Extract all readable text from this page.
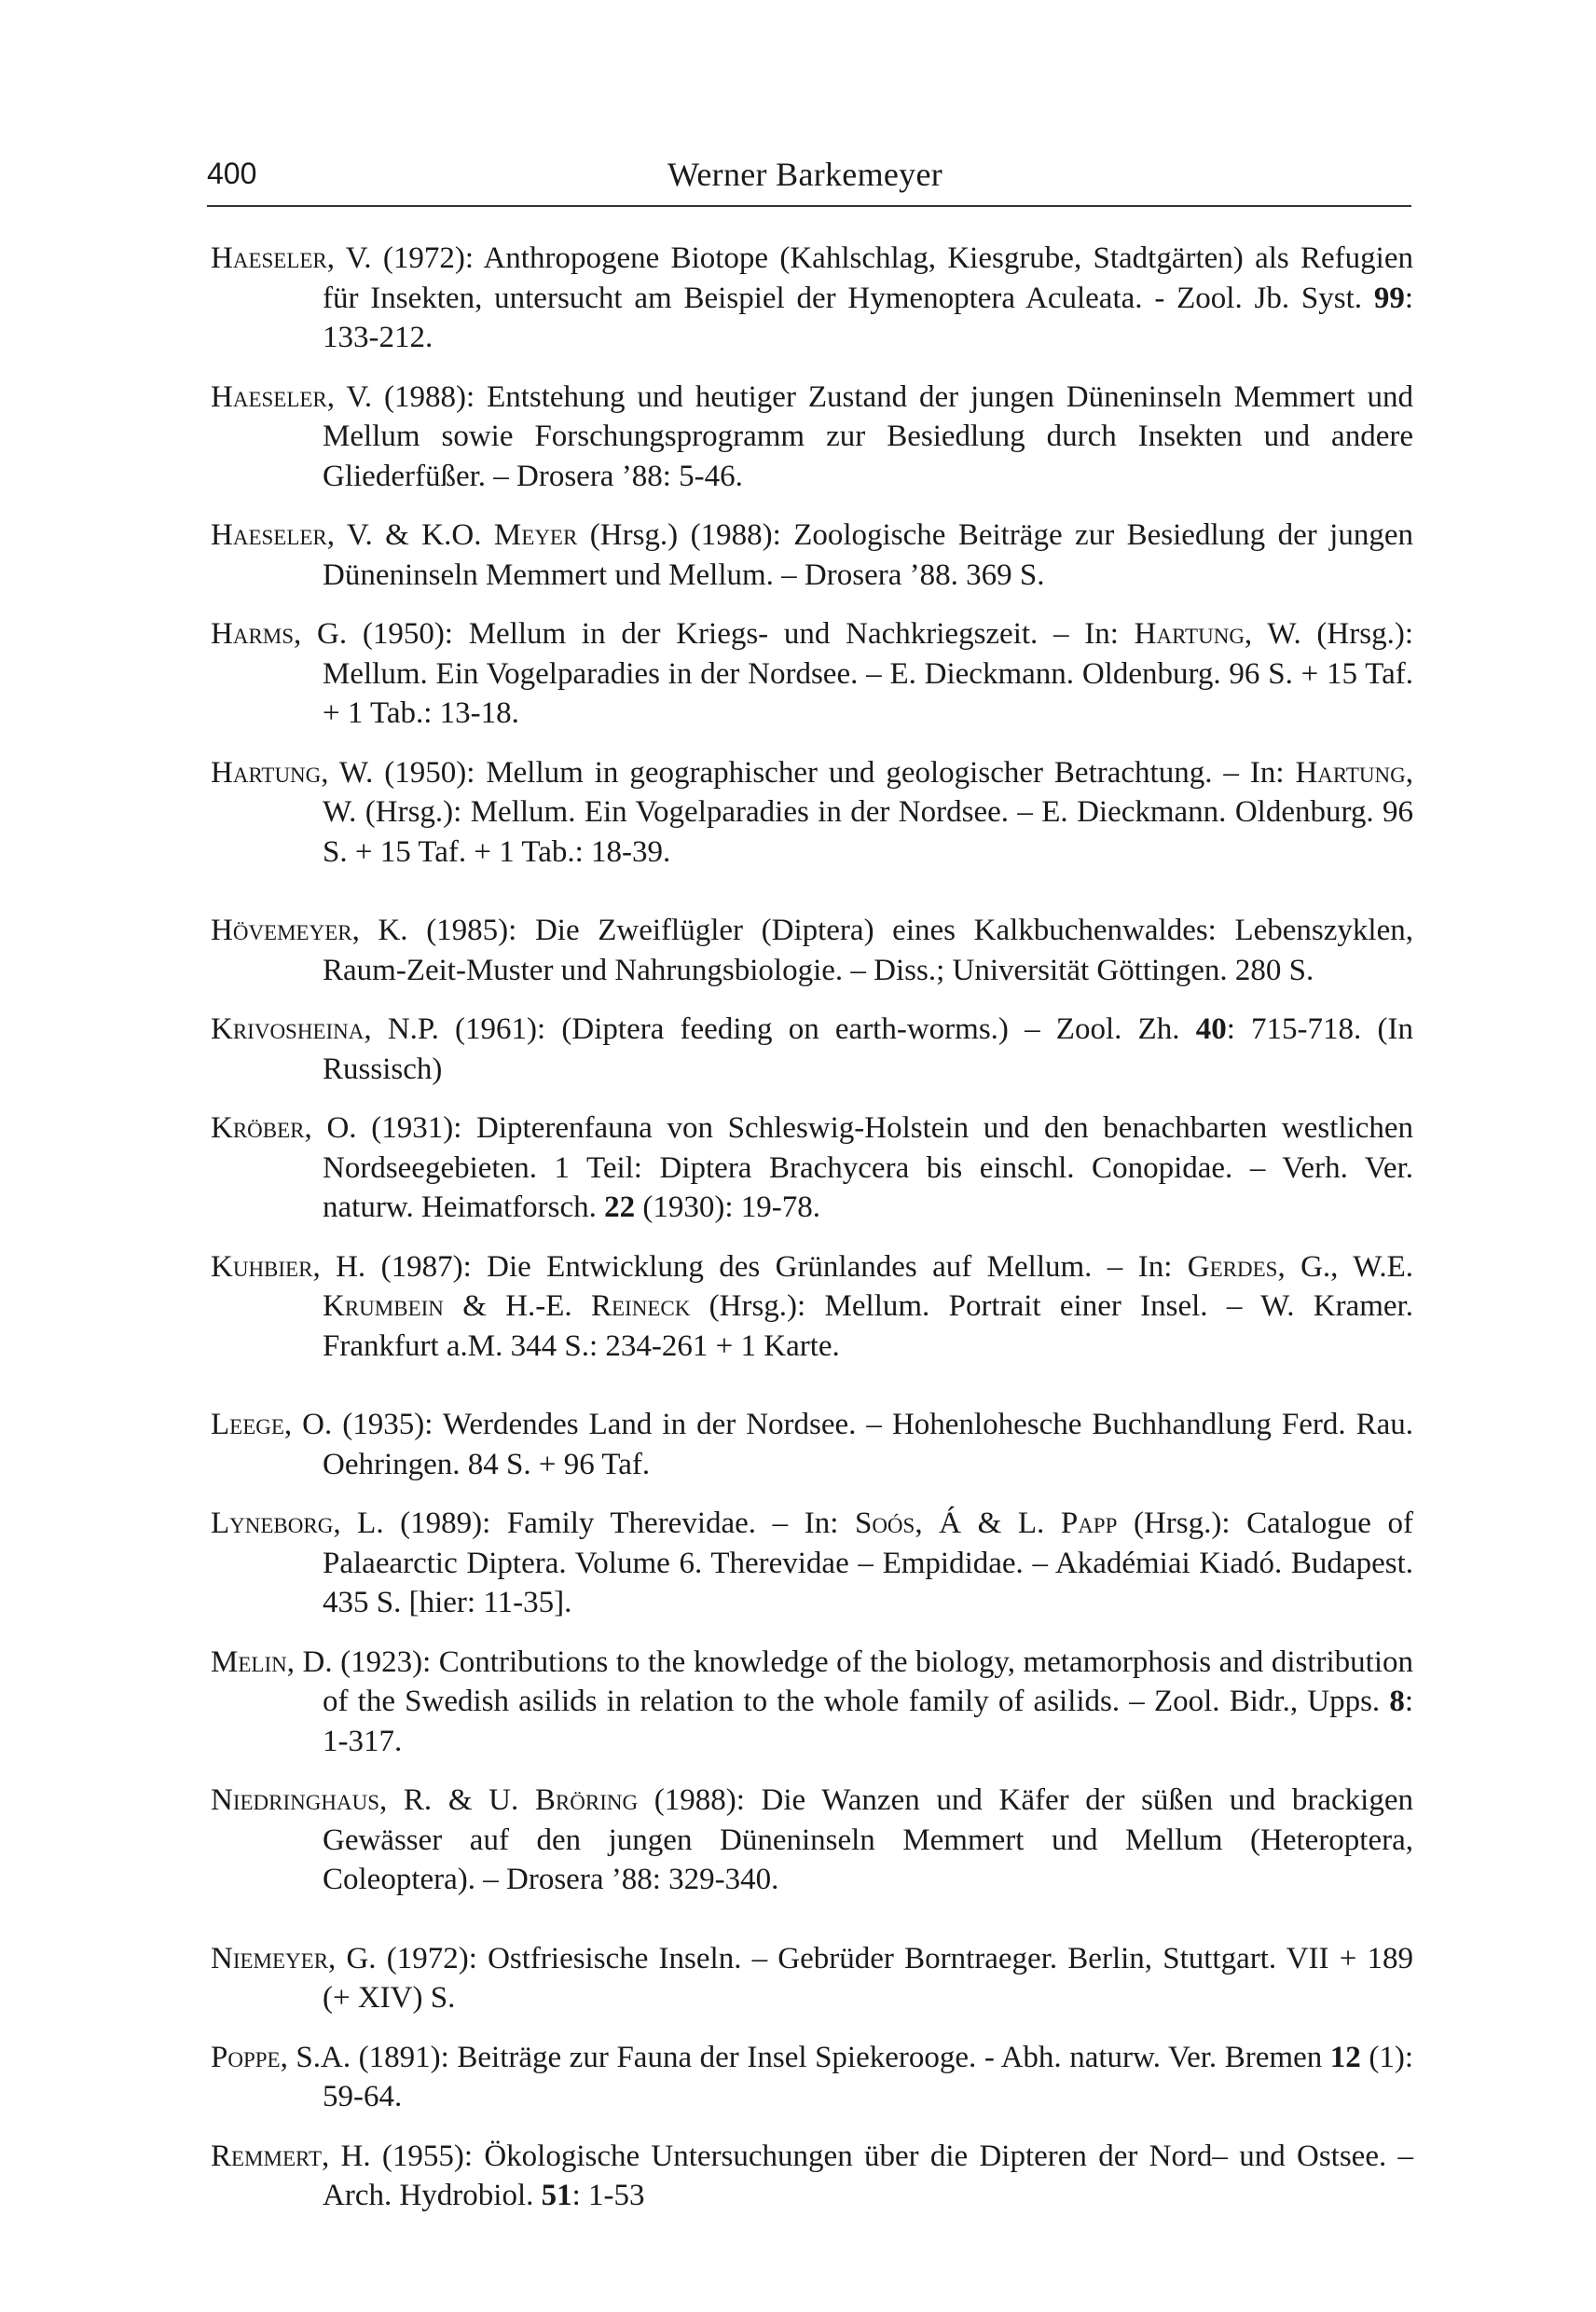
400	Werner Barkemeyer

Haeseler, V. (1972): Anthropogene Biotope (Kahlschlag, Kiesgrube, Stadtgärten) als Refugien für Insekten, untersucht am Beispiel der Hymenoptera Aculeata. - Zool. Jb. Syst. 99: 133-212.

Haeseler, V. (1988): Entstehung und heutiger Zustand der jungen Düneninseln Memmert und Mellum sowie Forschungsprogramm zur Besiedlung durch Insekten und andere Gliederfüßer. – Drosera ’88: 5-46.

Haeseler, V. & K.O. Meyer (Hrsg.) (1988): Zoologische Beiträge zur Besiedlung der jungen Düneninseln Memmert und Mellum. – Drosera ’88. 369 S.

Harms, G. (1950): Mellum in der Kriegs- und Nachkriegszeit. – In: Hartung, W. (Hrsg.): Mellum. Ein Vogelparadies in der Nordsee. – E. Dieckmann. Oldenburg. 96 S. + 15 Taf. + 1 Tab.: 13-18.

Hartung, W. (1950): Mellum in geographischer und geologischer Betrachtung. – In: Hartung, W. (Hrsg.): Mellum. Ein Vogelparadies in der Nordsee. – E. Dieckmann. Oldenburg. 96 S. + 15 Taf. + 1 Tab.: 18-39.

Hövemeyer, K. (1985): Die Zweiflügler (Diptera) eines Kalkbuchenwaldes: Lebenszyklen, Raum-Zeit-Muster und Nahrungsbiologie. – Diss.; Universität Göttingen. 280 S.

Krivosheina, N.P. (1961): (Diptera feeding on earth-worms.) – Zool. Zh. 40: 715-718. (In Russisch)

Kröber, O. (1931): Dipterenfauna von Schleswig-Holstein und den benachbarten westlichen Nordseegebieten. 1 Teil: Diptera Brachycera bis einschl. Conopidae. – Verh. Ver. naturw. Heimatforsch. 22 (1930): 19-78.

Kuhbier, H. (1987): Die Entwicklung des Grünlandes auf Mellum. – In: Gerdes, G., W.E. Krumbein & H.-E. Reineck (Hrsg.): Mellum. Portrait einer Insel. – W. Kramer. Frankfurt a.M. 344 S.: 234-261 + 1 Karte.

Leege, O. (1935): Werdendes Land in der Nordsee. – Hohenlohesche Buchhandlung Ferd. Rau. Oehringen. 84 S. + 96 Taf.

Lyneborg, L. (1989): Family Therevidae. – In: Soós, Á & L. Papp (Hrsg.): Catalogue of Palaearctic Diptera. Volume 6. Therevidae – Empididae. – Akadémiai Kiadó. Budapest. 435 S. [hier: 11-35].

Melin, D. (1923): Contributions to the knowledge of the biology, metamorphosis and distribution of the Swedish asilids in relation to the whole family of asilids. – Zool. Bidr., Upps. 8: 1-317.

Niedringhaus, R. & U. Bröring (1988): Die Wanzen und Käfer der süßen und brackigen Gewässer auf den jungen Düneninseln Memmert und Mellum (Heteroptera, Coleoptera). – Drosera ’88: 329-340.

Niemeyer, G. (1972): Ostfriesische Inseln. – Gebrüder Borntraeger. Berlin, Stuttgart. VII + 189 (+ XIV) S.

Poppe, S.A. (1891): Beiträge zur Fauna der Insel Spiekerooge. - Abh. naturw. Ver. Bremen 12 (1): 59-64.

Remmert, H. (1955): Ökologische Untersuchungen über die Dipteren der Nord– und Ostsee. – Arch. Hydrobiol. 51: 1-53
